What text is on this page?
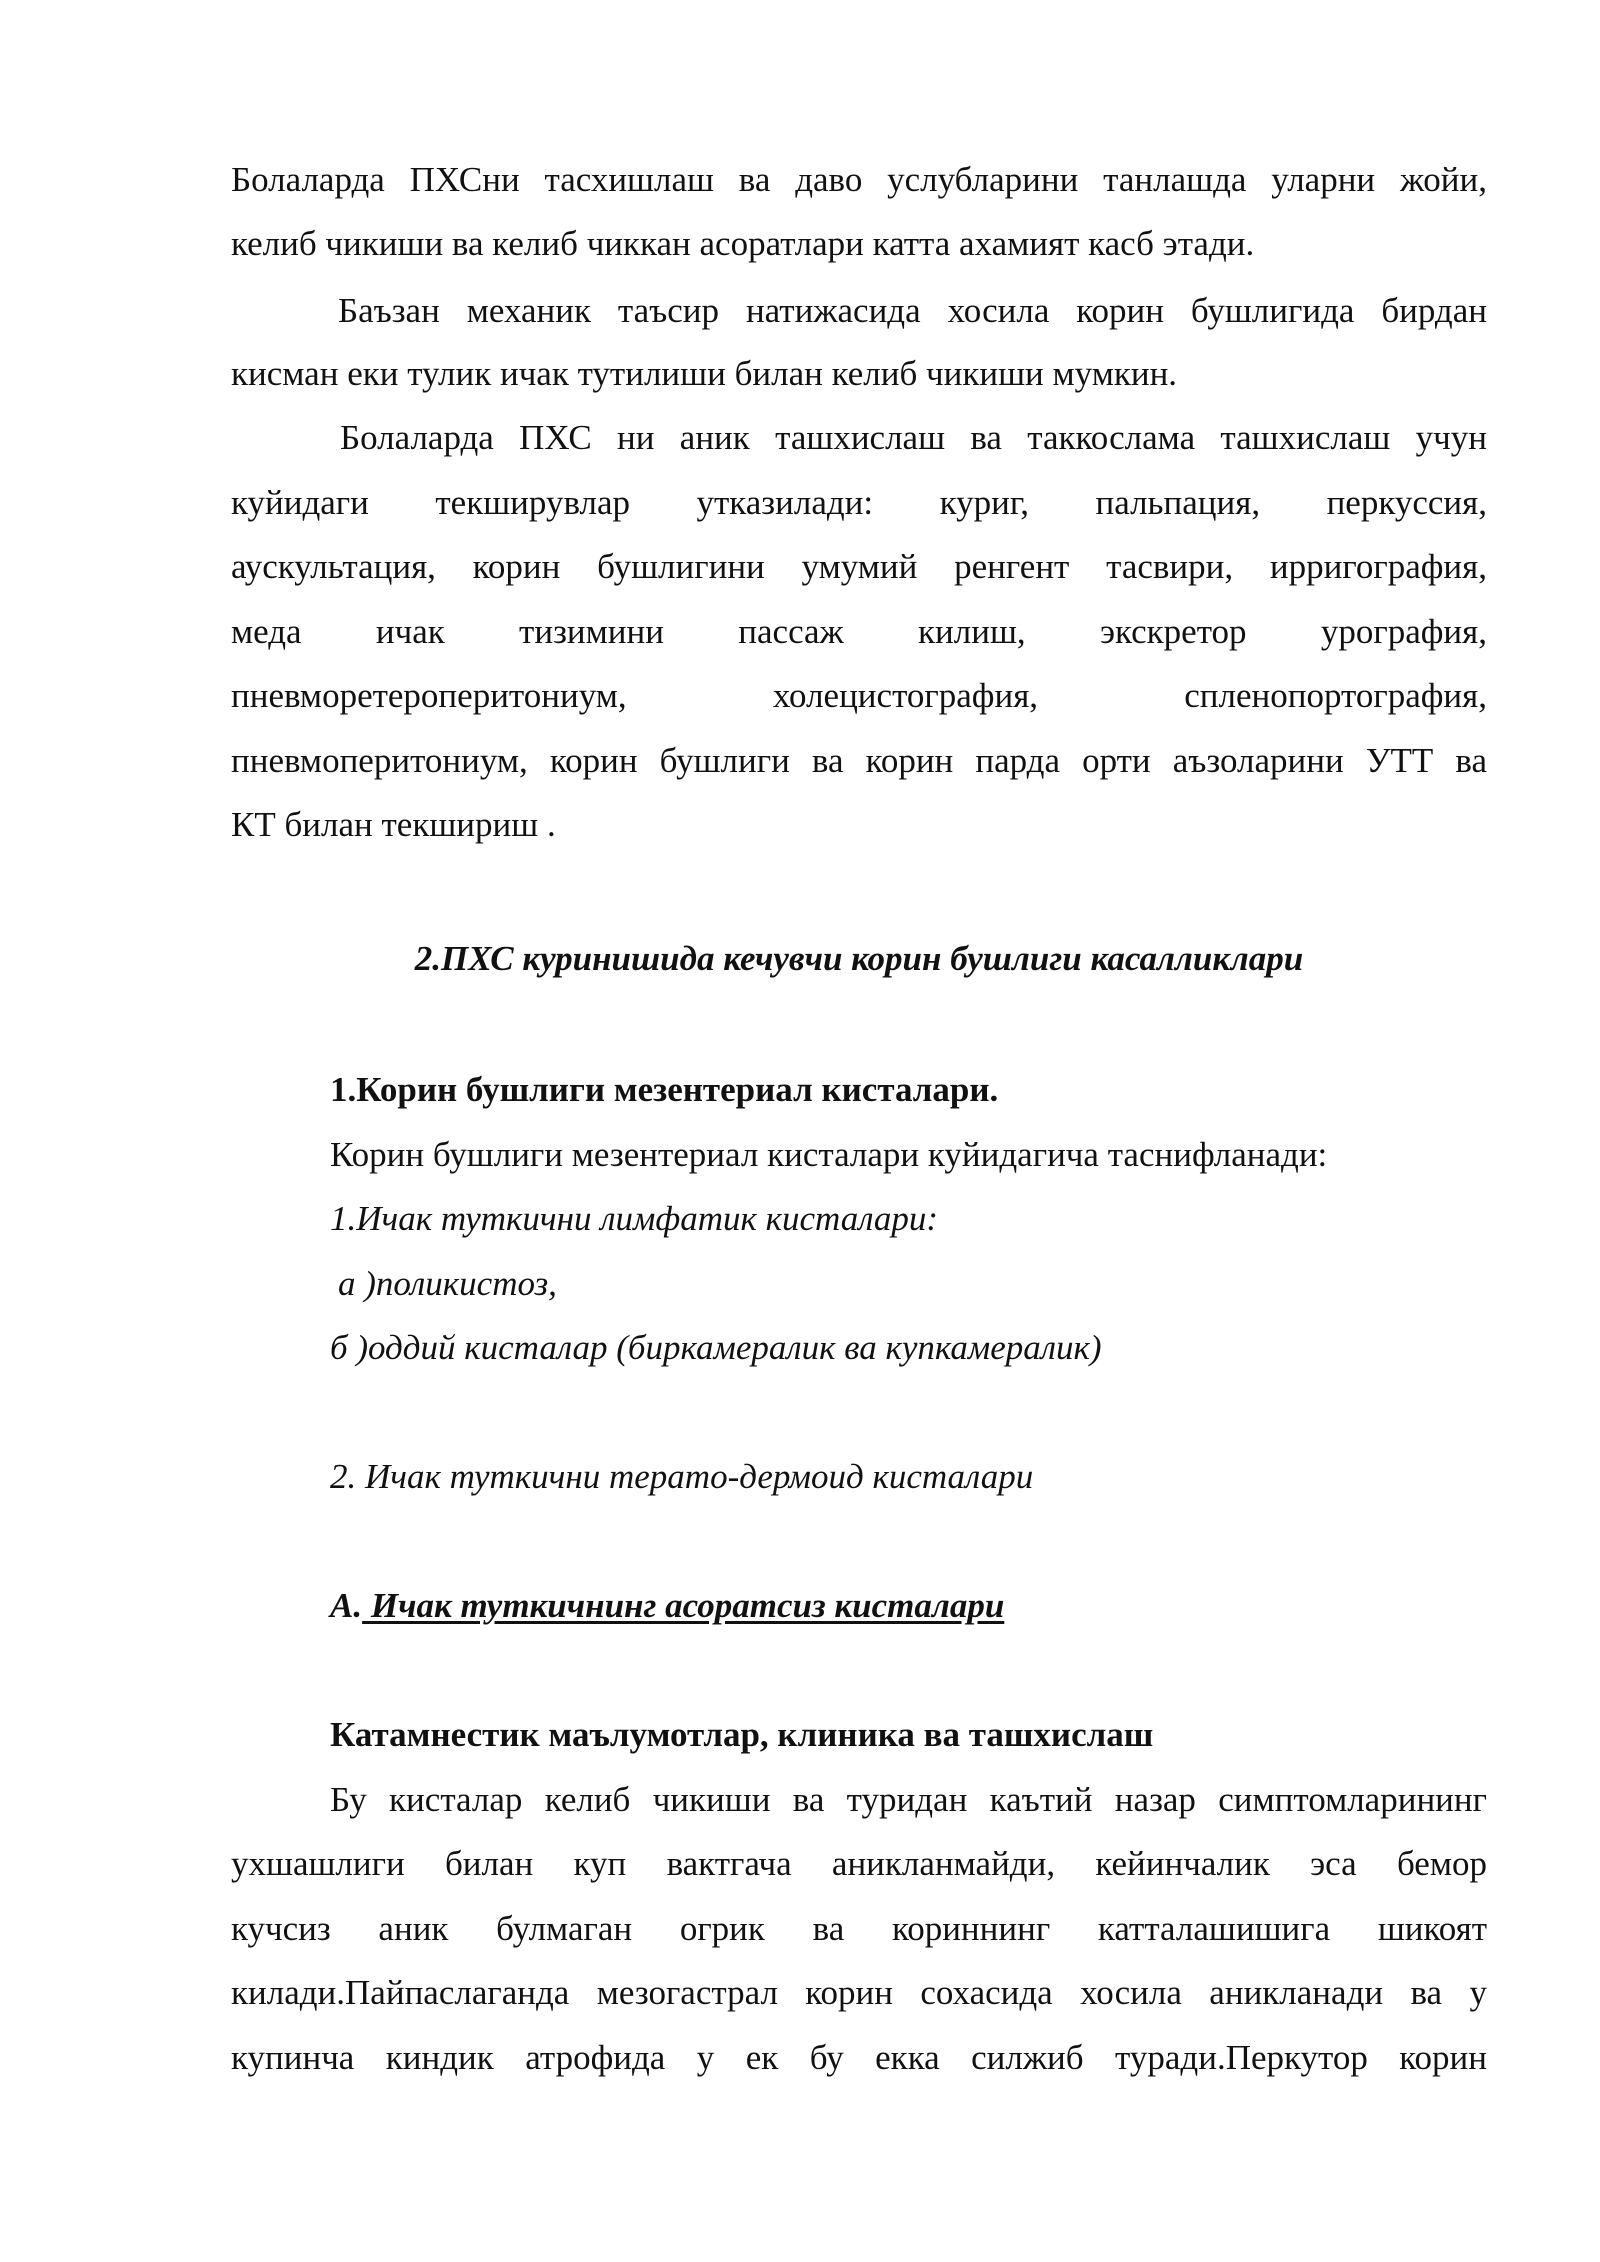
Болаларда ПХСни тасхишлаш ва даво услубларини танлашда уларни жойи,
келиб чикиши ва келиб чиккан асоратлари катта ахамият касб этади.
Баъзан механик таъсир натижасида хосила корин бушлигида бирдан
кисман еки тулик ичак тутилиши билан келиб чикиши мумкин.
Болаларда ПХС ни аник ташхислаш ва таккослама ташхислаш учун
куйидаги текширувлар утказилади: куриг, пальпация, перкуссия,
аускультация, корин бушлигини умумий ренгент тасвири, ирригография,
меда ичак тизимини пассаж килиш, экскретор урография,
пневморетероперитониум, холецистография, спленопортография,
пневмоперитониум, корин бушлиги ва корин парда орти аъзоларини УТТ ва
КТ билан текшириш .
2.ПХС куринишида кечувчи корин бушлиги касалликлари
1.Корин бушлиги мезентериал кисталари.
Корин бушлиги мезентериал кисталари куйидагича таснифланади:
1.Ичак туткични лимфатик кисталари:
а )поликистоз,
б )оддий кисталар (биркамералик ва купкамералик)
2. Ичак туткични терато-дермоид кисталари
А. Ичак туткичнинг асоратсиз кисталари
Катамнестик маълумотлар, клиника ва ташхислаш
Бу кисталар келиб чикиши ва туридан каътий назар симптомларининг
ухшашлиги билан куп вактгача аникланмайди, кейинчалик эса бемор
кучсиз аник булмаган огрик ва кориннинг катталашишига шикоят
килади.Пайпаслаганда мезогастрал корин сохасида хосила аникланади ва у
купинча киндик атрофида у ек бу екка силжиб туради.Перкутор корин
